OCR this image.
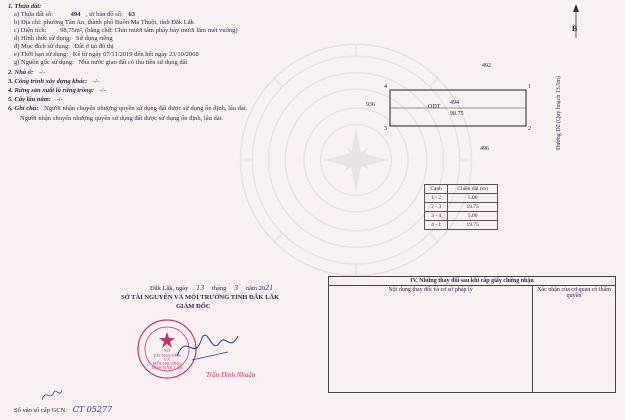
1. Thửa đất:
a) Thửa đất số:	494 , tờ bản đồ số: 63
b) Địa chỉ: phường Tân An, thành phố Buôn Ma Thuột, tỉnh Đắk Lắk
c) Diện tích: 98,75m², (bằng chữ: Chín mươi tám phẩy bảy mươi lăm mét vuông)
d) Hình thức sử dụng: Sử dụng riêng
đ) Mục đích sử dụng: Đất ở tại đô thị
e) Thời hạn sử dụng: Kể từ ngày 07/11/2019 đến hết ngày 23/10/2068
g) Nguồn gốc sử dụng: Nhà nước giao đất có thu tiền sử dụng đất
2. Nhà ở: -/-
3. Công trình xây dựng khác: -/-
4. Rừng sản xuất là rừng trồng: -/-
5. Cây lâu năm: -/-
6. Ghi chú: Người nhận chuyển nhượng quyền sử dụng đất được sử dụng ổn định, lâu dài.
Người nhận chuyển nhượng quyền sử dụng đất được sử dụng ổn định, lâu dài.
B
492
936
496
ODT
494
98.75
1
2
3
4	Đường D2 (Quy hoạch 13.5m)
Cạnh	Chiều dài (m)
1 - 2	5.00
2 - 3	19.75
3 - 4	5.00
4 - 1	19.75
Đắk Lắk, ngày 13 tháng 3 năm 2021
SỞ TÀI NGUYÊN VÀ MÔI TRƯỜNG TỈNH ĐẮK LẮK
GIÁM ĐỐC
SỞ
TÀI NGUYÊN
VÀ
MÔI TRƯỜNG
TỈNH ĐẮK LẮK
Trần Đình Nhuận
IV. Những thay đổi sau khi cấp giấy chứng nhận
Nội dung thay đổi và cơ sở pháp lý	Xác nhận của cơ quan có thẩm quyền
Số vào sổ cấp GCN: CT 05277
